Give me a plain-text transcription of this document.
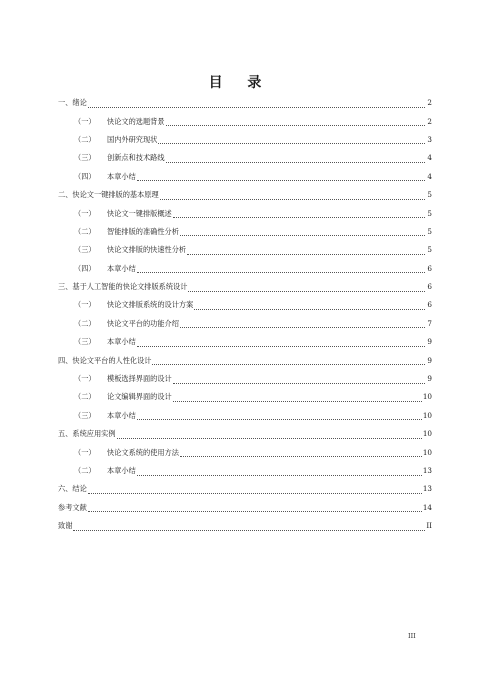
目 录
一、绪论	2
（一）	快论文的选题背景	2
（二）	国内外研究现状	3
（三）	创新点和技术路线	4
（四）	本章小结	4
二、快论文一键排版的基本原理	5
（一）	快论文一键排版概述	5
（二）	智能排版的准确性分析	5
（三）	快论文排版的快速性分析	5
（四）	本章小结	6
三、基于人工智能的快论文排版系统设计	6
（一）	快论文排版系统的设计方案	6
（二）	快论文平台的功能介绍	7
（三）	本章小结	9
四、快论文平台的人性化设计	9
（一）	模板选择界面的设计	9
（二）	论文编辑界面的设计	10
（三）	本章小结	10
五、系统应用实例	10
（一）	快论文系统的使用方法	10
（二）	本章小结	13
六、结论	13
参考文献	14
致谢	II
III
